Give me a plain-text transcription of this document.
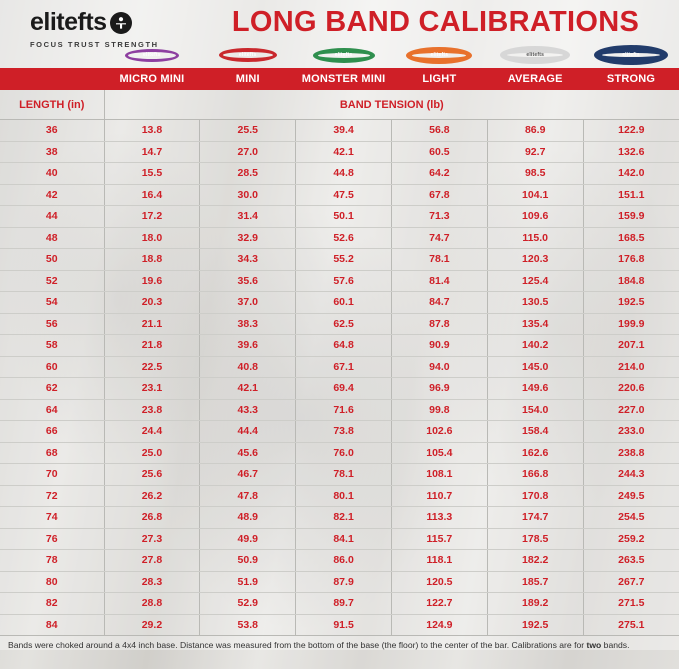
elite fts
FOCUS TRUST STRENGTH
LONG BAND CALIBRATIONS
elitefts	elitefts	elitefts	elitefts	elitefts	elitefts
	MICRO MINI	MINI	MONSTER MINI	LIGHT	AVERAGE	STRONG
LENGTH (in)	BAND TENSION (lb)					
36	13.8	25.5	39.4	56.8	86.9	122.9
38	14.7	27.0	42.1	60.5	92.7	132.6
40	15.5	28.5	44.8	64.2	98.5	142.0
42	16.4	30.0	47.5	67.8	104.1	151.1
44	17.2	31.4	50.1	71.3	109.6	159.9
48	18.0	32.9	52.6	74.7	115.0	168.5
50	18.8	34.3	55.2	78.1	120.3	176.8
52	19.6	35.6	57.6	81.4	125.4	184.8
54	20.3	37.0	60.1	84.7	130.5	192.5
56	21.1	38.3	62.5	87.8	135.4	199.9
58	21.8	39.6	64.8	90.9	140.2	207.1
60	22.5	40.8	67.1	94.0	145.0	214.0
62	23.1	42.1	69.4	96.9	149.6	220.6
64	23.8	43.3	71.6	99.8	154.0	227.0
66	24.4	44.4	73.8	102.6	158.4	233.0
68	25.0	45.6	76.0	105.4	162.6	238.8
70	25.6	46.7	78.1	108.1	166.8	244.3
72	26.2	47.8	80.1	110.7	170.8	249.5
74	26.8	48.9	82.1	113.3	174.7	254.5
76	27.3	49.9	84.1	115.7	178.5	259.2
78	27.8	50.9	86.0	118.1	182.2	263.5
80	28.3	51.9	87.9	120.5	185.7	267.7
82	28.8	52.9	89.7	122.7	189.2	271.5
84	29.2	53.8	91.5	124.9	192.5	275.1
Bands were choked around a 4x4 inch base. Distance was measured from the bottom of the base (the floor) to the center of the bar. Calibrations are for two bands.
